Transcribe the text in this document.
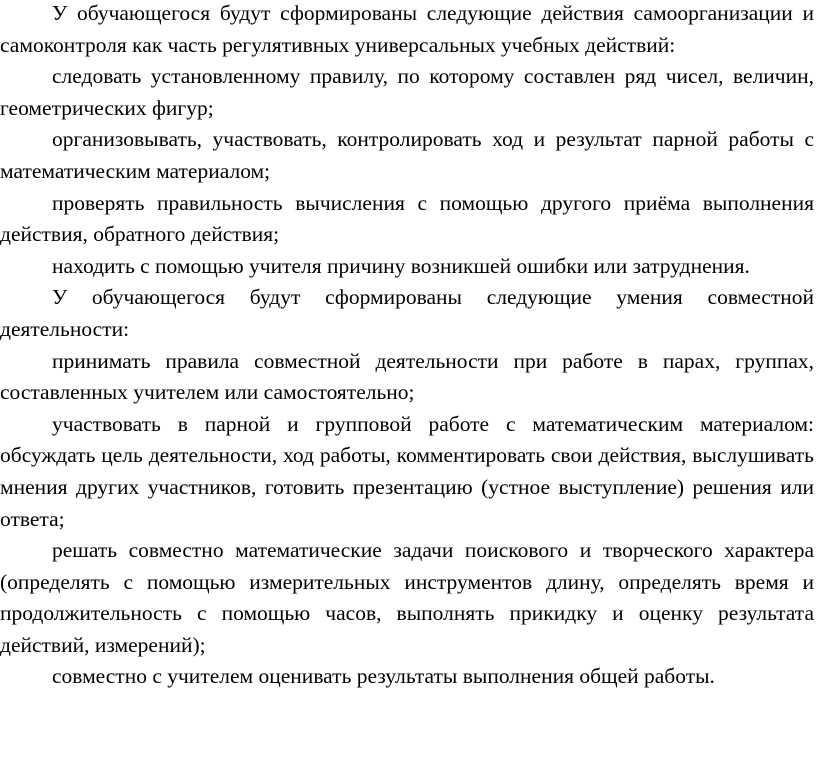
У обучающегося будут сформированы следующие действия самоорганизации и самоконтроля как часть регулятивных универсальных учебных действий:

следовать установленному правилу, по которому составлен ряд чисел, величин, геометрических фигур;

организовывать, участвовать, контролировать ход и результат парной работы с математическим материалом;

проверять правильность вычисления с помощью другого приёма выполнения действия, обратного действия;

находить с помощью учителя причину возникшей ошибки или затруднения.

У обучающегося будут сформированы следующие умения совместной деятельности:

принимать правила совместной деятельности при работе в парах, группах, составленных учителем или самостоятельно;

участвовать в парной и групповой работе с математическим материалом: обсуждать цель деятельности, ход работы, комментировать свои действия, выслушивать мнения других участников, готовить презентацию (устное выступление) решения или ответа;

решать совместно математические задачи поискового и творческого характера (определять с помощью измерительных инструментов длину, определять время и продолжительность с помощью часов, выполнять прикидку и оценку результата действий, измерений);

совместно с учителем оценивать результаты выполнения общей работы.
